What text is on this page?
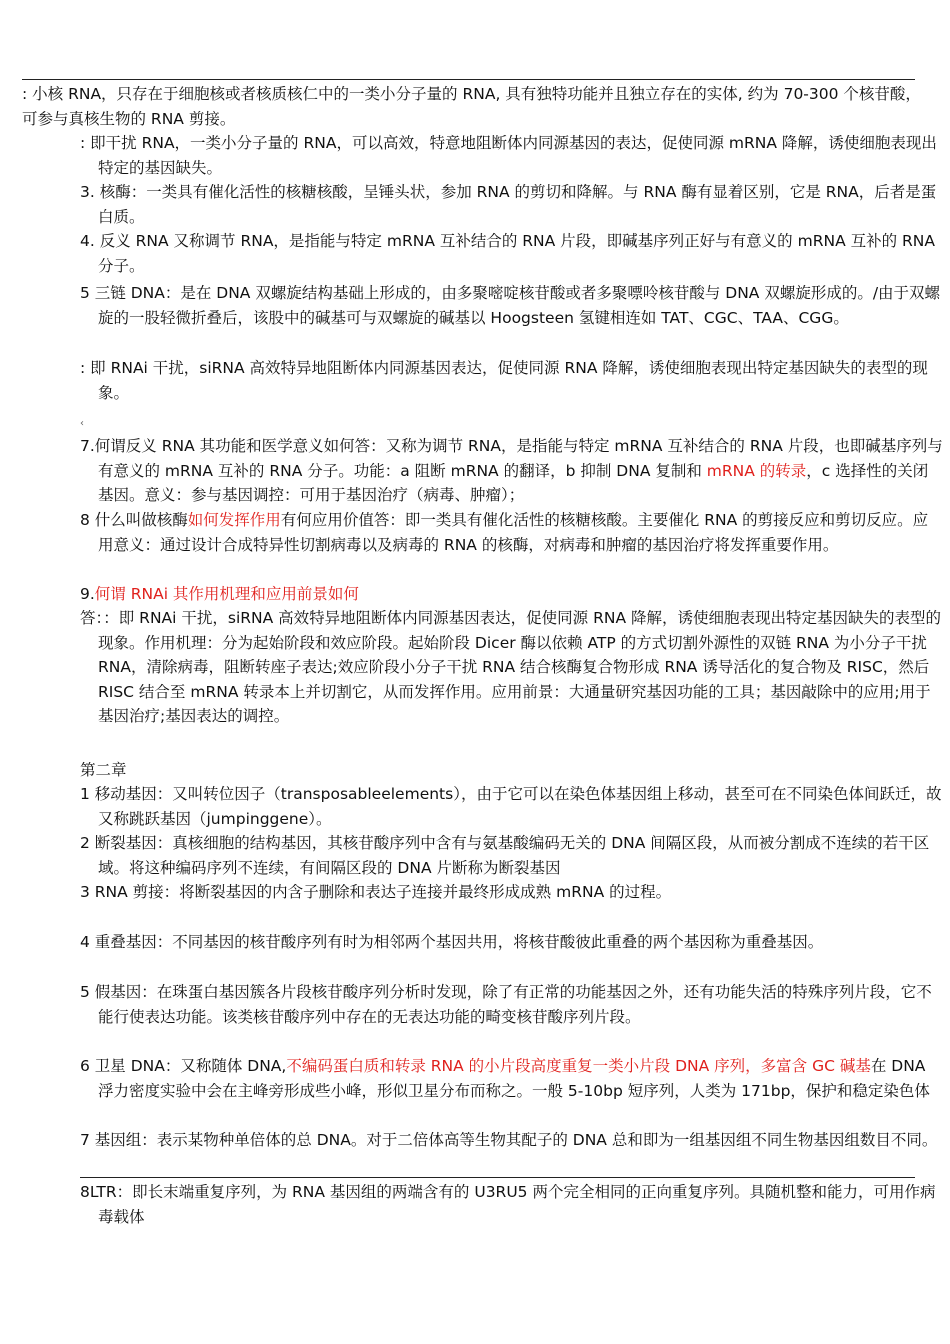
: 小核 RNA，只存在于细胞核或者核质核仁中的一类小分子量的 RNA, 具有独特功能并且独立存在的实体, 约为 70-300 个核苷酸，可参与真核生物的 RNA 剪接。
: 即干扰 RNA，一类小分子量的 RNA，可以高效，特意地阻断体内同源基因的表达，促使同源 mRNA 降解，诱使细胞表现出特定的基因缺失。
3. 核酶：一类具有催化活性的核糖核酸，呈锤头状，参加 RNA 的剪切和降解。与 RNA 酶有显着区别，它是 RNA，后者是蛋白质。
4. 反义 RNA 又称调节 RNA，是指能与特定 mRNA 互补结合的 RNA 片段，即碱基序列正好与有意义的 mRNA 互补的 RNA 分子。
5 三链 DNA：是在 DNA 双螺旋结构基础上形成的，由多聚嘧啶核苷酸或者多聚嘌呤核苷酸与 DNA 双螺旋形成的。/由于双螺旋的一股轻微折叠后，该股中的碱基可与双螺旋的碱基以 Hoogsteen 氢键相连如 TAT、CGC、TAA、CGG。
: 即 RNAi 干扰，siRNA 高效特异地阻断体内同源基因表达，促使同源 RNA 降解，诱使细胞表现出特定基因缺失的表型的现象。
‹
7.何谓反义 RNA 其功能和医学意义如何答：又称为调节 RNA，是指能与特定 mRNA 互补结合的 RNA 片段，也即碱基序列与有意义的 mRNA 互补的 RNA 分子。功能：a 阻断 mRNA 的翻译，b 抑制 DNA 复制和 mRNA 的转录，c 选择性的关闭基因。意义：参与基因调控：可用于基因治疗（病毒、肿瘤）；
8 什么叫做核酶如何发挥作用有何应用价值答：即一类具有催化活性的核糖核酸。主要催化 RNA 的剪接反应和剪切反应。应用意义：通过设计合成特异性切割病毒以及病毒的 RNA 的核酶，对病毒和肿瘤的基因治疗将发挥重要作用。
9.何谓 RNAi 其作用机理和应用前景如何
答：：即 RNAi 干扰，siRNA 高效特异地阻断体内同源基因表达，促使同源 RNA 降解，诱使细胞表现出特定基因缺失的表型的现象。作用机理：分为起始阶段和效应阶段。起始阶段 Dicer 酶以依赖 ATP 的方式切割外源性的双链 RNA 为小分子干扰 RNA，清除病毒，阻断转座子表达;效应阶段小分子干扰 RNA 结合核酶复合物形成 RNA 诱导活化的复合物及 RISC，然后 RISC 结合至 mRNA 转录本上并切割它，从而发挥作用。应用前景：大通量研究基因功能的工具；基因敲除中的应用;用于基因治疗;基因表达的调控。
第二章
1 移动基因：又叫转位因子（transposableelements），由于它可以在染色体基因组上移动，甚至可在不同染色体间跃迁，故又称跳跃基因（jumpinggene）。
2 断裂基因：真核细胞的结构基因，其核苷酸序列中含有与氨基酸编码无关的 DNA 间隔区段，从而被分割成不连续的若干区域。将这种编码序列不连续，有间隔区段的 DNA 片断称为断裂基因
3 RNA 剪接：将断裂基因的内含子删除和表达子连接并最终形成成熟 mRNA 的过程。
4 重叠基因：不同基因的核苷酸序列有时为相邻两个基因共用，将核苷酸彼此重叠的两个基因称为重叠基因。
5 假基因：在珠蛋白基因簇各片段核苷酸序列分析时发现，除了有正常的功能基因之外，还有功能失活的特殊序列片段，它不能行使表达功能。该类核苷酸序列中存在的无表达功能的畸变核苷酸序列片段。
6 卫星 DNA：又称随体 DNA,不编码蛋白质和转录 RNA 的小片段高度重复一类小片段 DNA 序列，多富含 GC 碱基在 DNA 浮力密度实验中会在主峰旁形成些小峰，形似卫星分布而称之。一般 5-10bp 短序列，人类为 171bp，保护和稳定染色体
7 基因组：表示某物种单倍体的总 DNA。对于二倍体高等生物其配子的 DNA 总和即为一组基因组不同生物基因组数目不同。
8LTR：即长末端重复序列，为 RNA 基因组的两端含有的 U3RU5 两个完全相同的正向重复序列。具随机整和能力，可用作病毒载体
